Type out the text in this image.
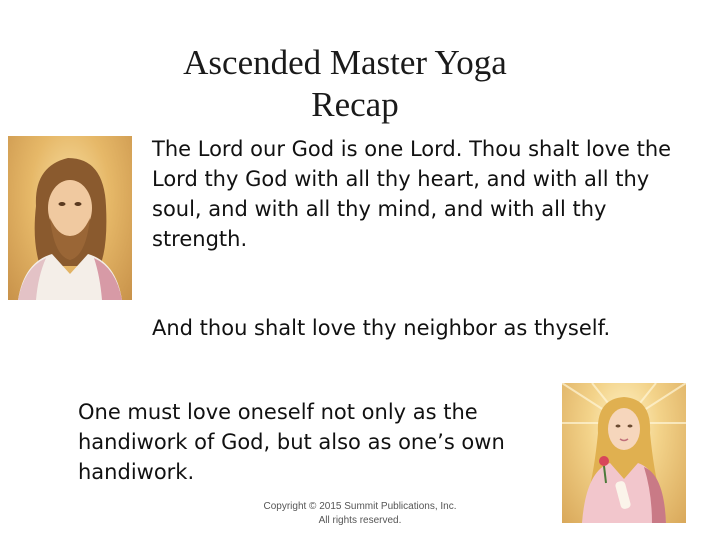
Ascended Master Yoga
Recap
The Lord our God is one Lord. Thou shalt love the Lord thy God with all thy heart, and with all thy soul, and with all thy mind, and with all thy strength.
And thou shalt love thy neighbor as thyself.
One must love oneself not only as the handiwork of God, but also as one’s own handiwork.
Copyright © 2015 Summit Publications, Inc.
All rights reserved.
